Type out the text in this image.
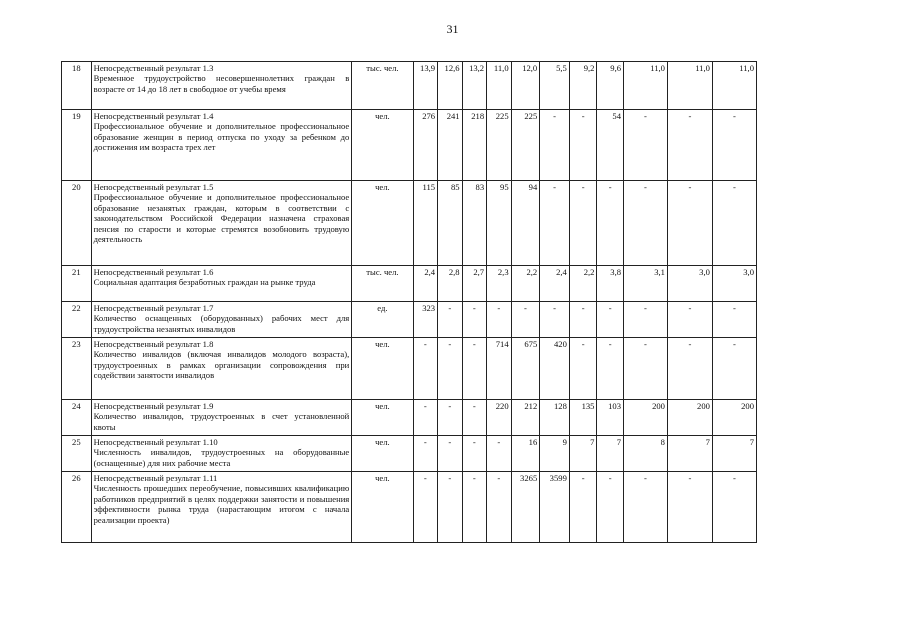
31
18	Непосредственный результат 1.3
Временное трудоустройство несовершеннолетних граждан в возрасте от 14 до 18 лет в свободное от учебы время	тыс. чел.	13,9	12,6	13,2	11,0	12,0	5,5	9,2	9,6	11,0	11,0	11,0
19	Непосредственный результат 1.4
Профессиональное обучение и дополнительное профессиональное образование женщин в период отпуска по уходу за ребенком до достижения им возраста трех лет	чел.	276	241	218	225	225	-	-	54	-	-	-
20	Непосредственный результат 1.5
Профессиональное обучение и дополнительное профессиональное образование незанятых граждан, которым в соответствии с законодательством Российской Федерации назначена страховая пенсия по старости и которые стремятся возобновить трудовую деятельность	чел.	115	85	83	95	94	-	-	-	-	-	-
21	Непосредственный результат 1.6
Социальная адаптация безработных граждан на рынке труда	тыс. чел.	2,4	2,8	2,7	2,3	2,2	2,4	2,2	3,8	3,1	3,0	3,0
22	Непосредственный результат 1.7
Количество оснащенных (оборудованных) рабочих мест для трудоустройства незанятых инвалидов	ед.	323	-	-	-	-	-	-	-	-	-	-
23	Непосредственный результат 1.8
Количество инвалидов (включая инвалидов молодого возраста), трудоустроенных в рамках организации сопровождения при содействии занятости инвалидов	чел.	-	-	-	714	675	420	-	-	-	-	-
24	Непосредственный результат 1.9
Количество инвалидов, трудоустроенных в счет установленной квоты	чел.	-	-	-	220	212	128	135	103	200	200	200
25	Непосредственный результат 1.10
Численность инвалидов, трудоустроенных на оборудованные (оснащенные) для них рабочие места	чел.	-	-	-	-	16	9	7	7	8	7	7
26	Непосредственный результат 1.11
Численность прошедших переобучение, повысивших квалификацию работников предприятий в целях поддержки занятости и повышения эффективности рынка труда (нарастающим итогом с начала реализации проекта)	чел.	-	-	-	-	3265	3599	-	-	-	-	-
